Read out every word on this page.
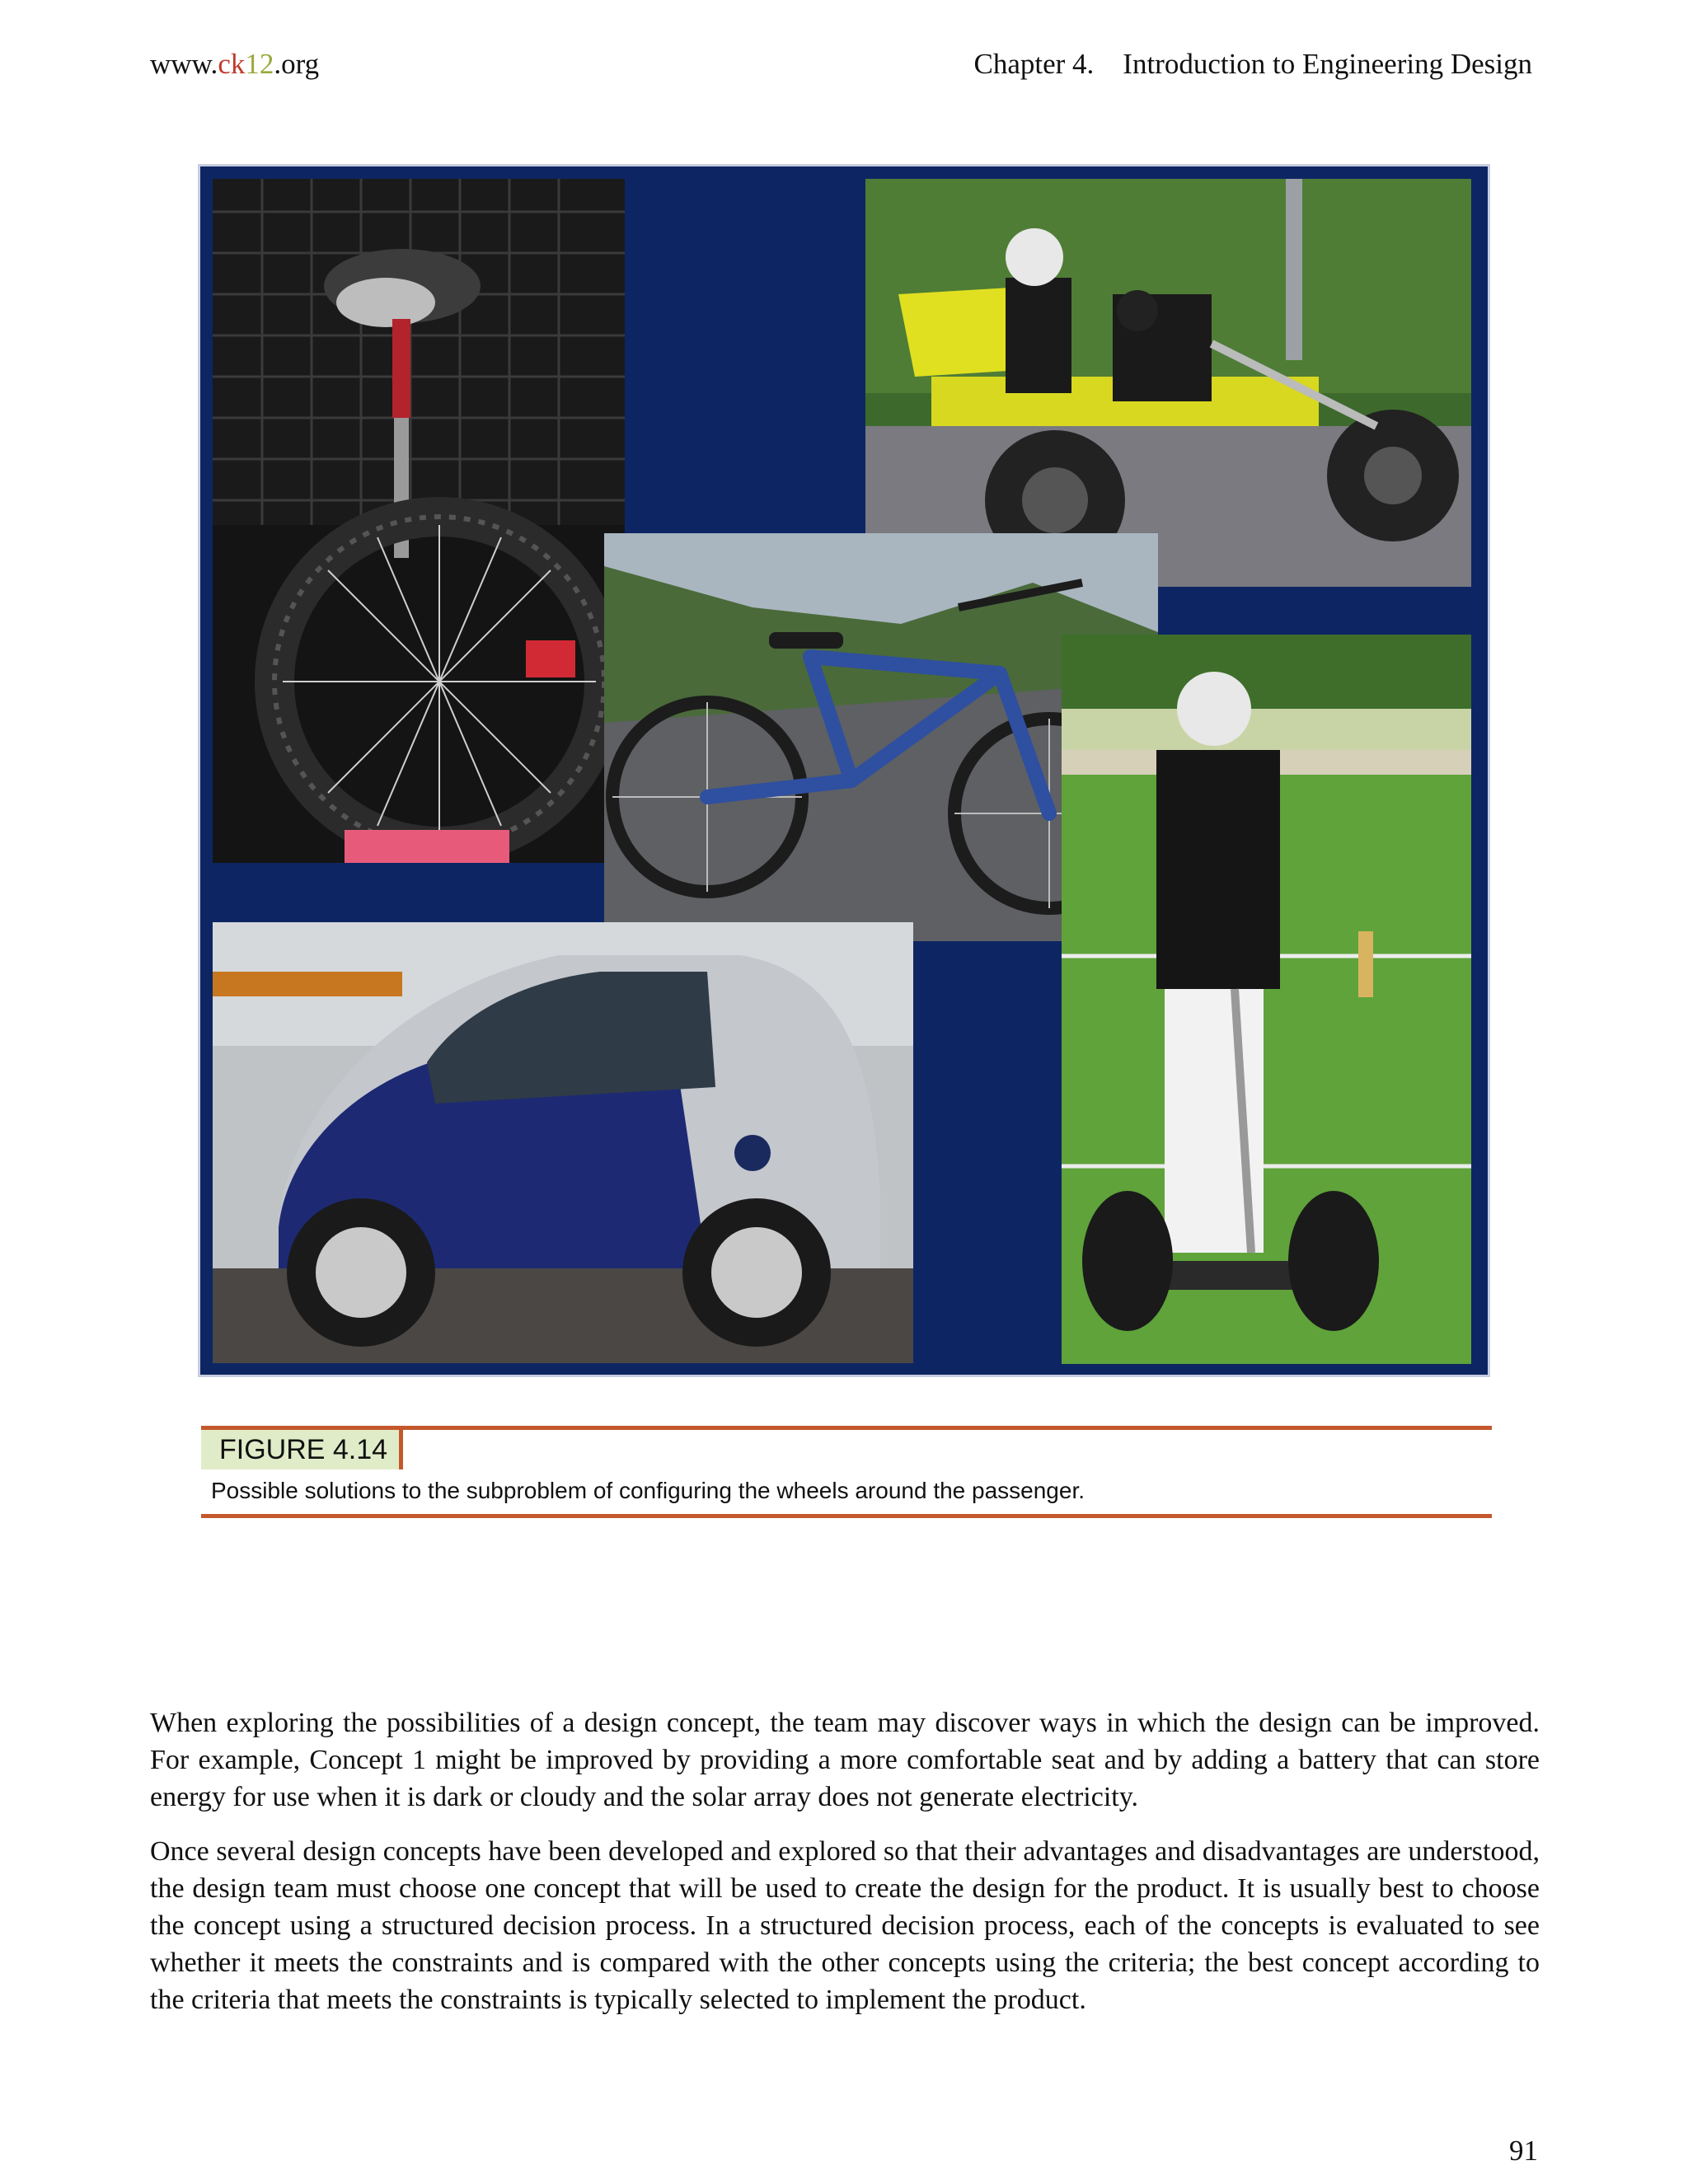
www.ck12.org	Chapter 4.    Introduction to Engineering Design
FIGURE 4.14
Possible solutions to the subproblem of configuring the wheels around the passenger.

When exploring the possibilities of a design concept, the team may discover ways in which the design can be improved. For example, Concept 1 might be improved by providing a more comfortable seat and by adding a battery that can store energy for use when it is dark or cloudy and the solar array does not generate electricity.

Once several design concepts have been developed and explored so that their advantages and disadvantages are understood, the design team must choose one concept that will be used to create the design for the product. It is usually best to choose the concept using a structured decision process. In a structured decision process, each of the concepts is evaluated to see whether it meets the constraints and is compared with the other concepts using the criteria; the best concept according to the criteria that meets the constraints is typically selected to implement the product.

91
